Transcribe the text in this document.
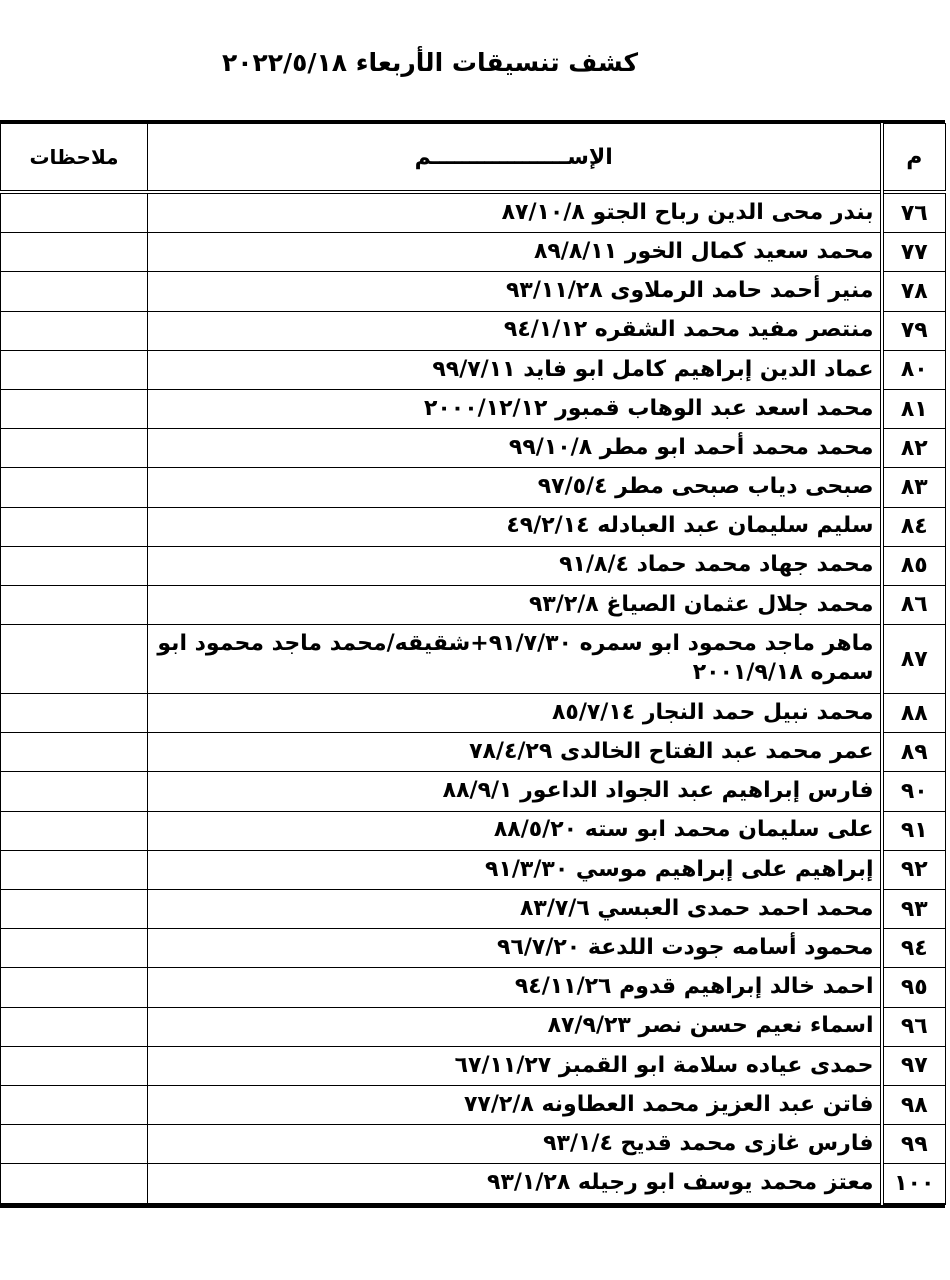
كشف تنسيقات الأربعاء ٢٠٢٢/٥/١٨
م	الإســــــــــــــــــم	ملاحظات
٧٦	بندر محى الدين رباح الجتو ٨٧/١٠/٨	
٧٧	محمد سعيد كمال الخور ٨٩/٨/١١	
٧٨	منير أحمد حامد الرملاوى ٩٣/١١/٢٨	
٧٩	منتصر مفيد محمد الشقره ٩٤/١/١٢	
٨٠	عماد الدين إبراهيم كامل ابو فايد ٩٩/٧/١١	
٨١	محمد اسعد عبد الوهاب قمبور ٢٠٠٠/١٢/١٢	
٨٢	محمد محمد أحمد ابو مطر ٩٩/١٠/٨	
٨٣	صبحى دياب صبحى مطر ٩٧/٥/٤	
٨٤	سليم سليمان عبد العبادله ٤٩/٢/١٤	
٨٥	محمد جهاد محمد حماد ٩١/٨/٤	
٨٦	محمد جلال عثمان الصياغ ٩٣/٢/٨	
٨٧	ماهر ماجد محمود ابو سمره ٩١/٧/٣٠+شقيقه/محمد ماجد محمود ابو سمره ٢٠٠١/٩/١٨	
٨٨	محمد نبيل حمد النجار ٨٥/٧/١٤	
٨٩	عمر محمد عبد الفتاح الخالدى ٧٨/٤/٢٩	
٩٠	فارس إبراهيم عبد الجواد الداعور ٨٨/٩/١	
٩١	على سليمان محمد ابو سته ٨٨/٥/٢٠	
٩٢	إبراهيم على إبراهيم موسي ٩١/٣/٣٠	
٩٣	محمد احمد حمدى العبسي ٨٣/٧/٦	
٩٤	محمود أسامه جودت اللدعة ٩٦/٧/٢٠	
٩٥	احمد خالد إبراهيم قدوم ٩٤/١١/٢٦	
٩٦	اسماء نعيم حسن نصر ٨٧/٩/٢٣	
٩٧	حمدى عياده سلامة ابو القمبز ٦٧/١١/٢٧	
٩٨	فاتن عبد العزيز محمد العطاونه ٧٧/٢/٨	
٩٩	فارس غازى محمد قديح ٩٣/١/٤	
١٠٠	معتز محمد يوسف ابو رجيله ٩٣/١/٢٨	
